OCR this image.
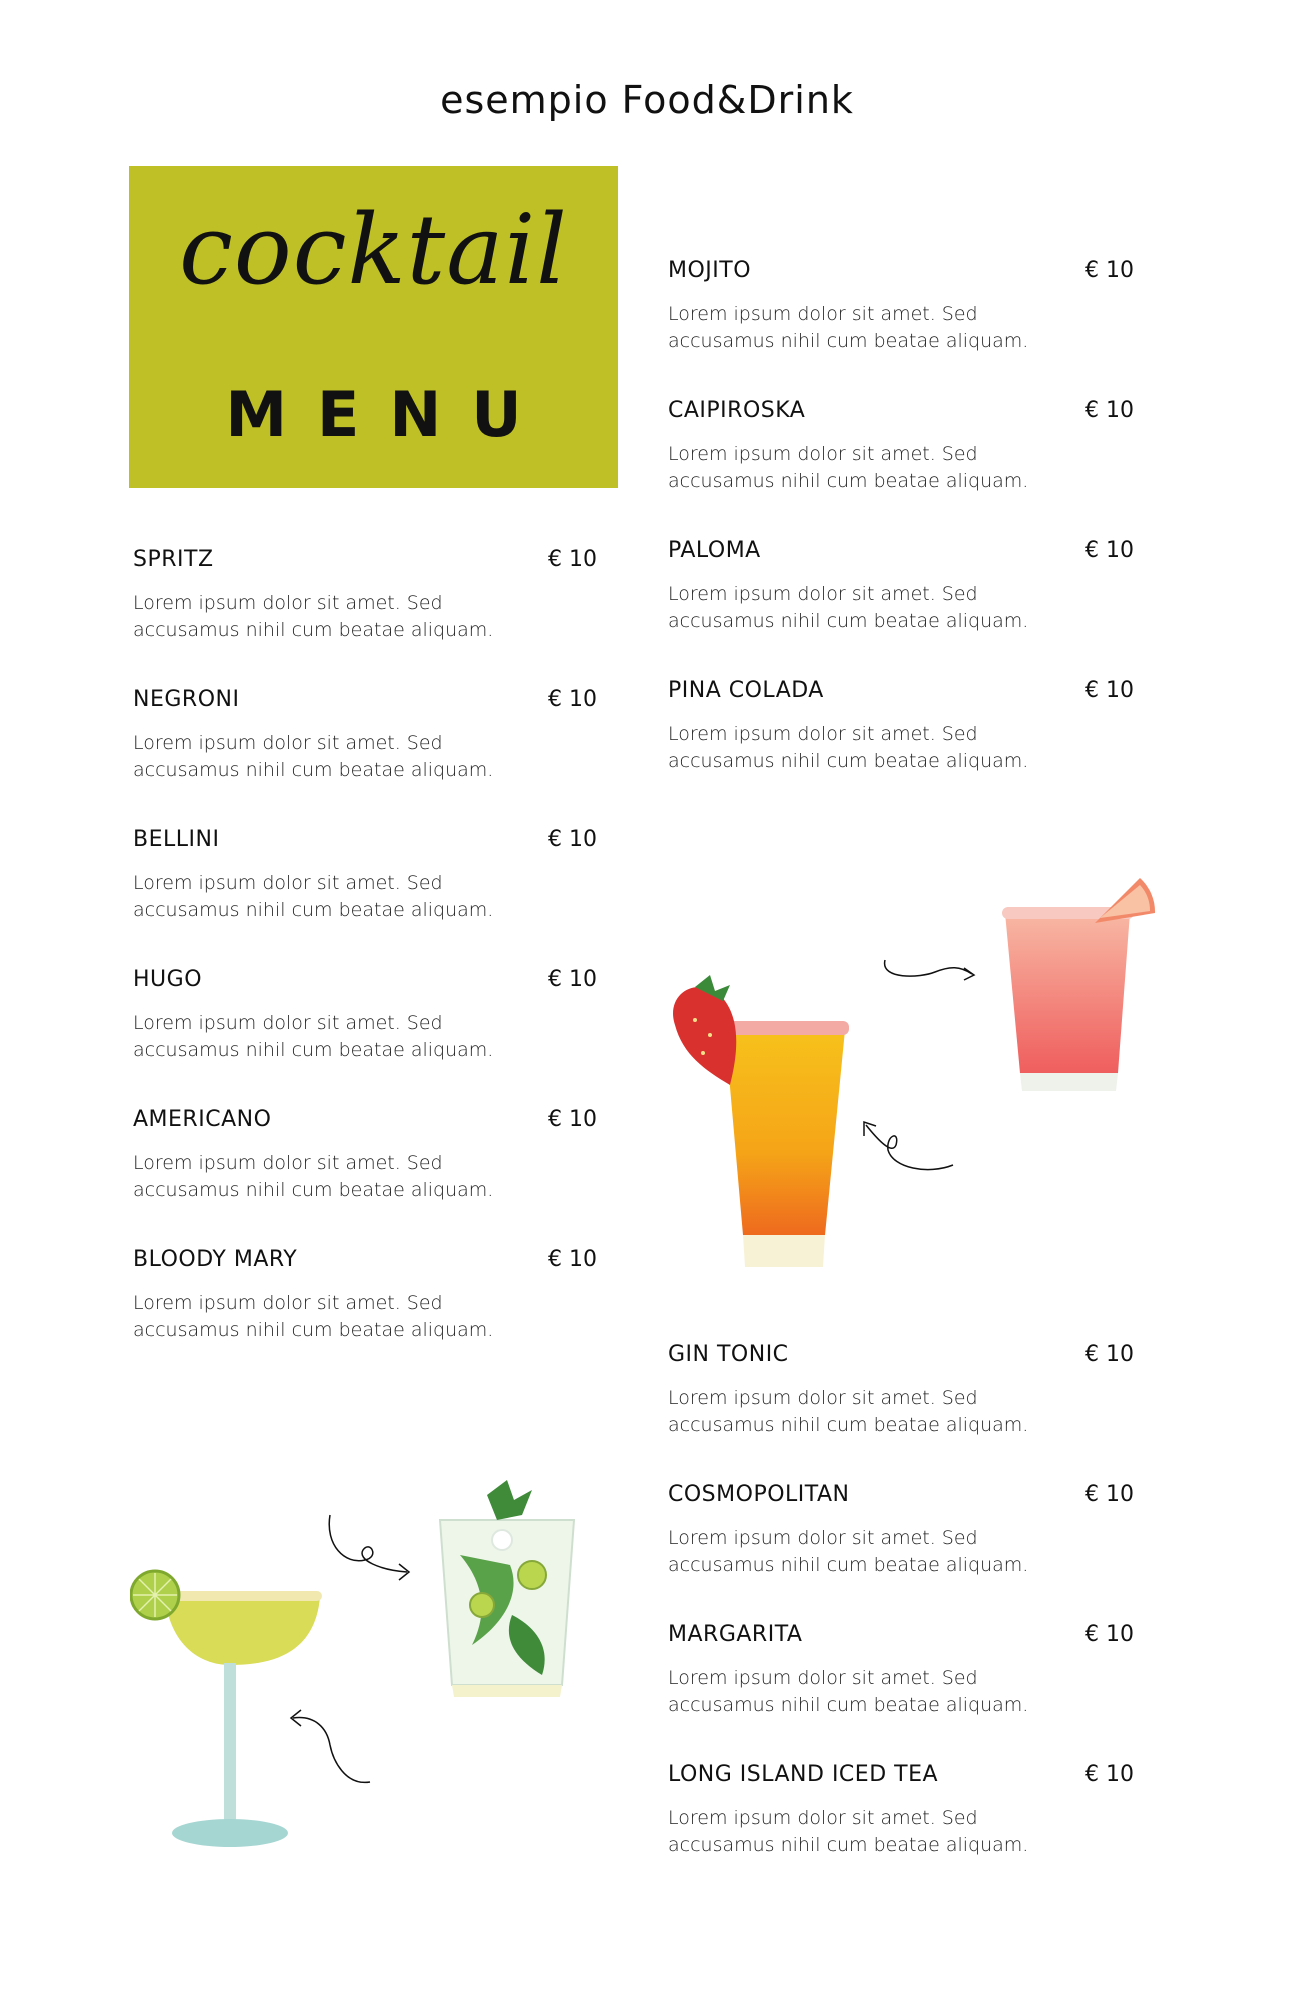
esempio Food&Drink
cocktail
MENU
SPRITZ	€ 10
Lorem ipsum dolor sit amet. Sed
accusamus nihil cum beatae aliquam.
NEGRONI	€ 10
Lorem ipsum dolor sit amet. Sed
accusamus nihil cum beatae aliquam.
BELLINI	€ 10
Lorem ipsum dolor sit amet. Sed
accusamus nihil cum beatae aliquam.
HUGO	€ 10
Lorem ipsum dolor sit amet. Sed
accusamus nihil cum beatae aliquam.
AMERICANO	€ 10
Lorem ipsum dolor sit amet. Sed
accusamus nihil cum beatae aliquam.
BLOODY MARY	€ 10
Lorem ipsum dolor sit amet. Sed
accusamus nihil cum beatae aliquam.
MOJITO	€ 10
Lorem ipsum dolor sit amet. Sed
accusamus nihil cum beatae aliquam.
CAIPIROSKA	€ 10
Lorem ipsum dolor sit amet. Sed
accusamus nihil cum beatae aliquam.
PALOMA	€ 10
Lorem ipsum dolor sit amet. Sed
accusamus nihil cum beatae aliquam.
PINA COLADA	€ 10
Lorem ipsum dolor sit amet. Sed
accusamus nihil cum beatae aliquam.
GIN TONIC	€ 10
Lorem ipsum dolor sit amet. Sed
accusamus nihil cum beatae aliquam.
COSMOPOLITAN	€ 10
Lorem ipsum dolor sit amet. Sed
accusamus nihil cum beatae aliquam.
MARGARITA	€ 10
Lorem ipsum dolor sit amet. Sed
accusamus nihil cum beatae aliquam.
LONG ISLAND ICED TEA	€ 10
Lorem ipsum dolor sit amet. Sed
accusamus nihil cum beatae aliquam.
